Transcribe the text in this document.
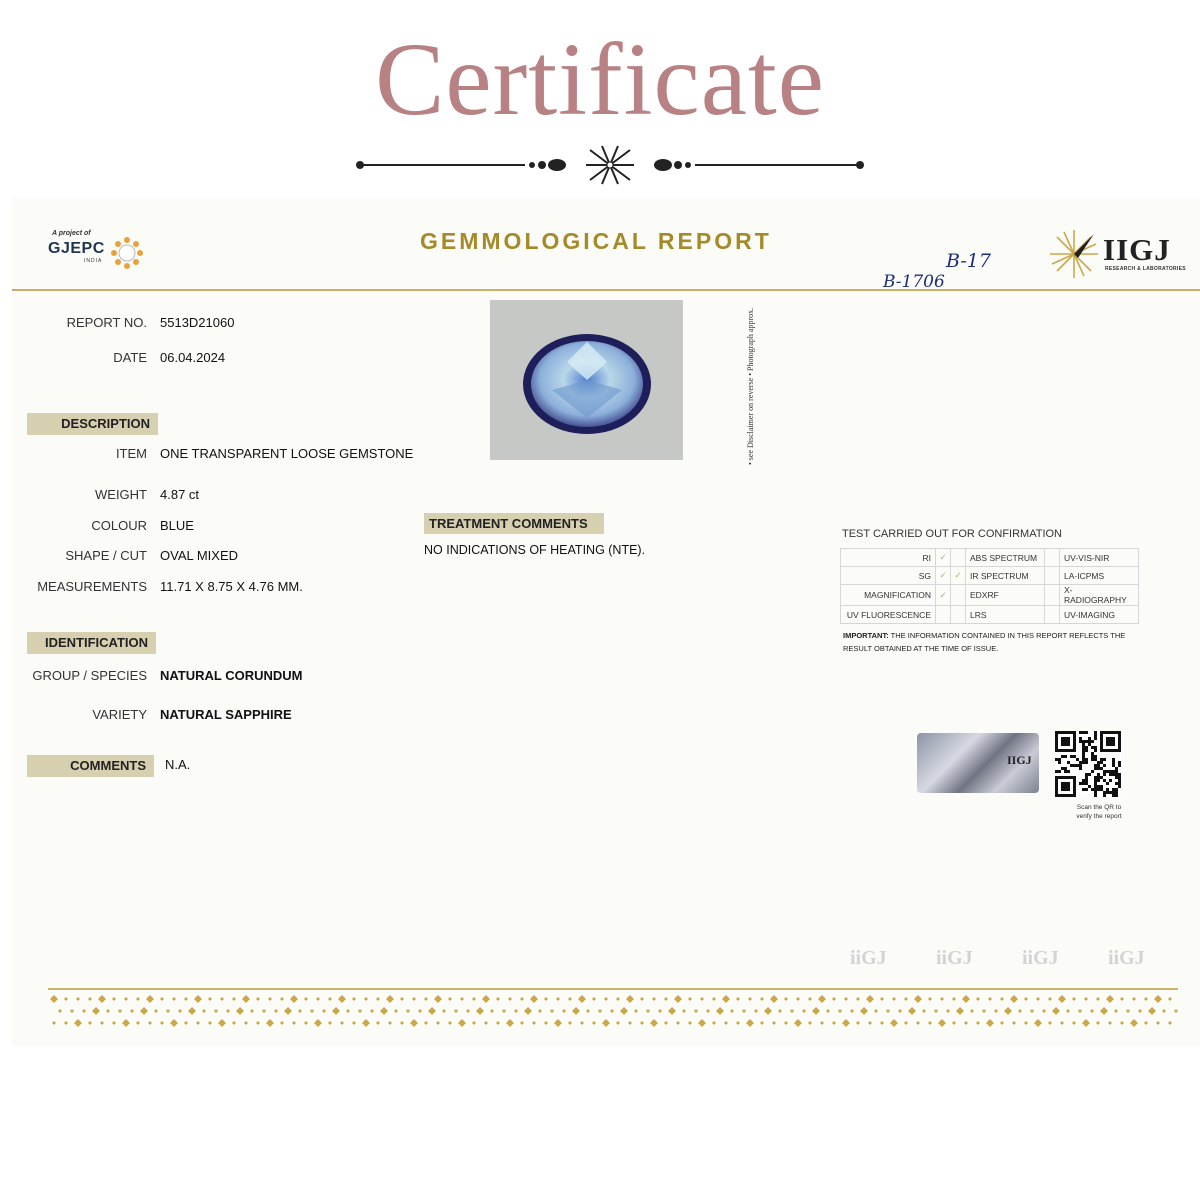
Certificate
A project of
GJEPC
INDIA
GEMMOLOGICAL REPORT	IIGJ
RESEARCH & LABORATORIES
B-1706
B-17
REPORT NO. 5513D21060
DATE 06.04.2024
DESCRIPTION
ITEM ONE TRANSPARENT LOOSE GEMSTONE
WEIGHT 4.87 ct
COLOUR BLUE
SHAPE / CUT OVAL MIXED
MEASUREMENTS 11.71 X 8.75 X 4.76 MM.
IDENTIFICATION
GROUP / SPECIES NATURAL CORUNDUM
VARIETY NATURAL SAPPHIRE
COMMENTS	N.A.
• see Disclaimer on reverse • Photograph approx.
TREATMENT COMMENTS
NO INDICATIONS OF HEATING (NTE).
TEST CARRIED OUT FOR CONFIRMATION
RI	✓		ABS SPECTRUM		UV-VIS-NIR
SG	✓	✓	IR SPECTRUM		LA-ICPMS
MAGNIFICATION	✓		EDXRF		X-RADIOGRAPHY
UV FLUORESCENCE			LRS		UV-IMAGING
IMPORTANT: THE INFORMATION CONTAINED IN THIS REPORT REFLECTS THE RESULT OBTAINED AT THE TIME OF ISSUE.
IIGJ
Scan the QR to
verify the report
iiGJ iiGJ iiGJ iiGJ
